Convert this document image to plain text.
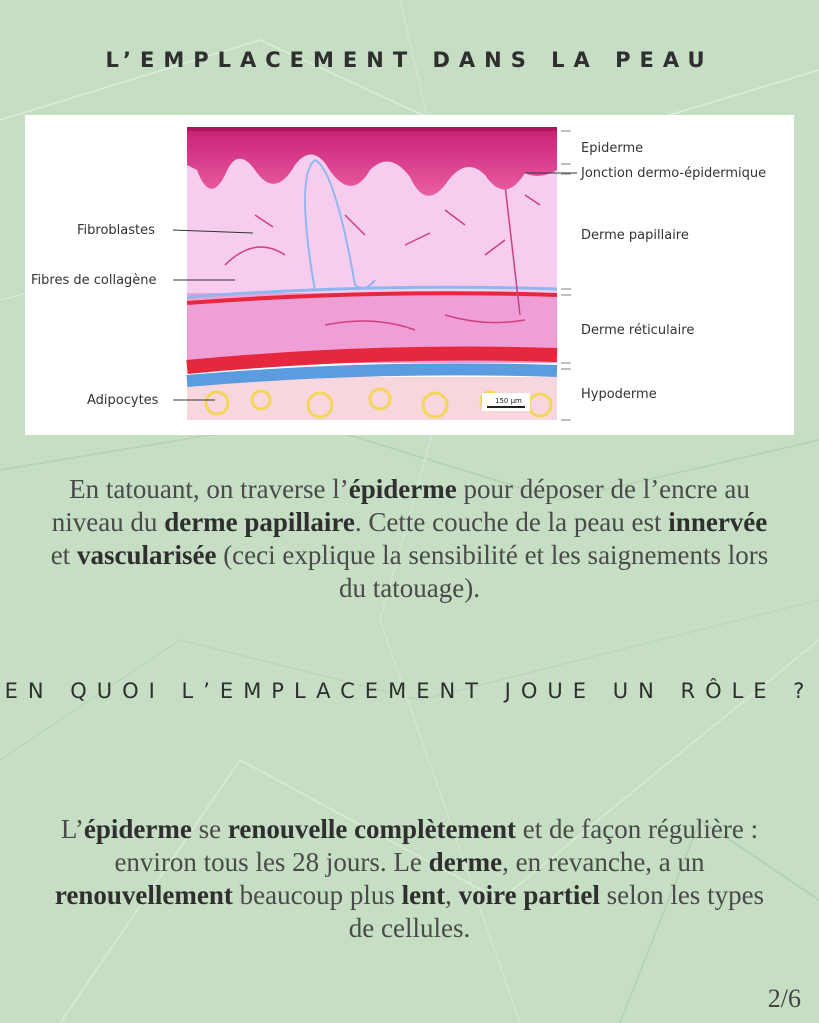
L’EMPLACEMENT DANS LA PEAU
150 µm
Fibroblastes
Fibres de collagène
Adipocytes
Epiderme
Jonction dermo-épidermique
Derme papillaire
Derme réticulaire
Hypoderme
En tatouant, on traverse l’épiderme pour déposer de l’encre au niveau du derme papillaire. Cette couche de la peau est innervée et vascularisée (ceci explique la sensibilité et les saignements lors du tatouage).
EN QUOI L’EMPLACEMENT JOUE UN RÔLE ?
L’épiderme se renouvelle complètement et de façon régulière : environ tous les 28 jours. Le derme, en revanche, a un renouvellement beaucoup plus lent, voire partiel selon les types de cellules.
2/6
